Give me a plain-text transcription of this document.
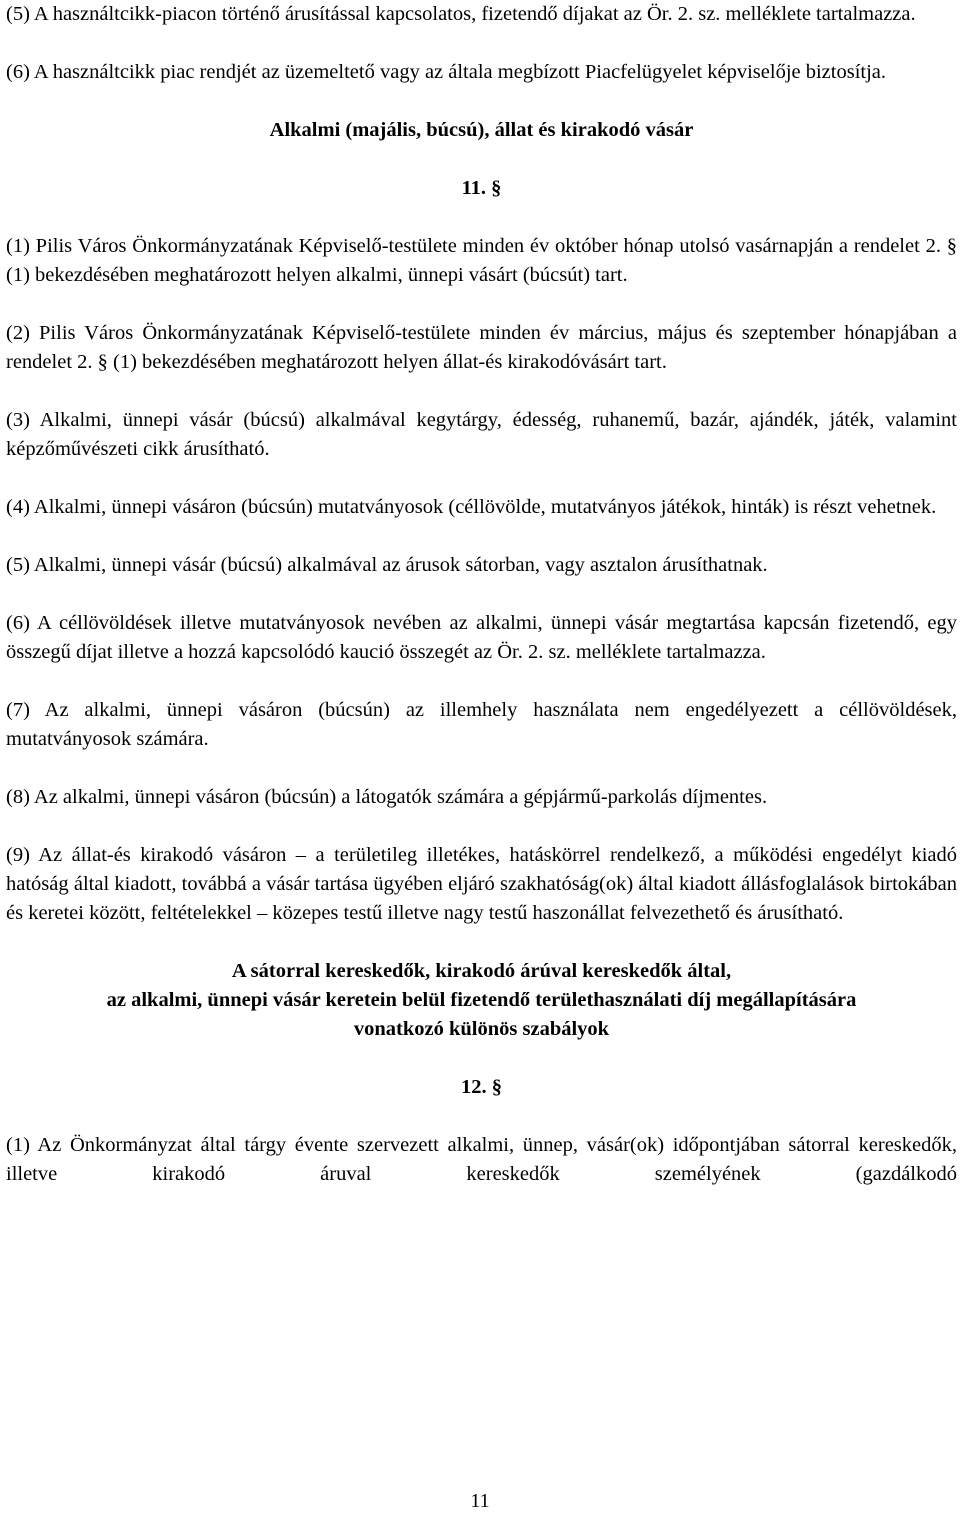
(5) A használtcikk-piacon történő árusítással kapcsolatos, fizetendő díjakat az Ör. 2. sz. melléklete tartalmazza.

(6) A használtcikk piac rendjét az üzemeltető vagy az általa megbízott Piacfelügyelet képviselője biztosítja.

Alkalmi (majális, búcsú), állat és kirakodó vásár

11. §

(1) Pilis Város Önkormányzatának Képviselő-testülete minden év október hónap utolsó vasárnapján a rendelet 2. § (1) bekezdésében meghatározott helyen alkalmi, ünnepi vásárt (búcsút) tart.

(2) Pilis Város Önkormányzatának Képviselő-testülete minden év március, május és szeptember hónapjában a rendelet 2. § (1) bekezdésében meghatározott helyen állat-és kirakodóvásárt tart.

(3) Alkalmi, ünnepi vásár (búcsú) alkalmával kegytárgy, édesség, ruhanemű, bazár, ajándék, játék, valamint képzőművészeti cikk árusítható.

(4) Alkalmi, ünnepi vásáron (búcsún) mutatványosok (céllövölde, mutatványos játékok, hinták) is részt vehetnek.

(5) Alkalmi, ünnepi vásár (búcsú) alkalmával az árusok sátorban, vagy asztalon árusíthatnak.

(6) A céllövöldések illetve mutatványosok nevében az alkalmi, ünnepi vásár megtartása kapcsán fizetendő, egy összegű díjat illetve a hozzá kapcsolódó kaució összegét az Ör. 2. sz. melléklete tartalmazza.

(7) Az alkalmi, ünnepi vásáron (búcsún) az illemhely használata nem engedélyezett a céllövöldések, mutatványosok számára.

(8) Az alkalmi, ünnepi vásáron (búcsún) a látogatók számára a gépjármű-parkolás díjmentes.

(9) Az állat-és kirakodó vásáron – a területileg illetékes, hatáskörrel rendelkező, a működési engedélyt kiadó hatóság által kiadott, továbbá a vásár tartása ügyében eljáró szakhatóság(ok) által kiadott állásfoglalások birtokában és keretei között, feltételekkel – közepes testű illetve nagy testű haszonállat felvezethető és árusítható.

A sátorral kereskedők, kirakodó árúval kereskedők által,

az alkalmi, ünnepi vásár keretein belül fizetendő területhasználati díj megállapítására

vonatkozó különös szabályok

12. §

(1) Az Önkormányzat által tárgy évente szervezett alkalmi, ünnep, vásár(ok) időpontjában sátorral kereskedők, illetve kirakodó áruval kereskedők személyének (gazdálkodó

11
